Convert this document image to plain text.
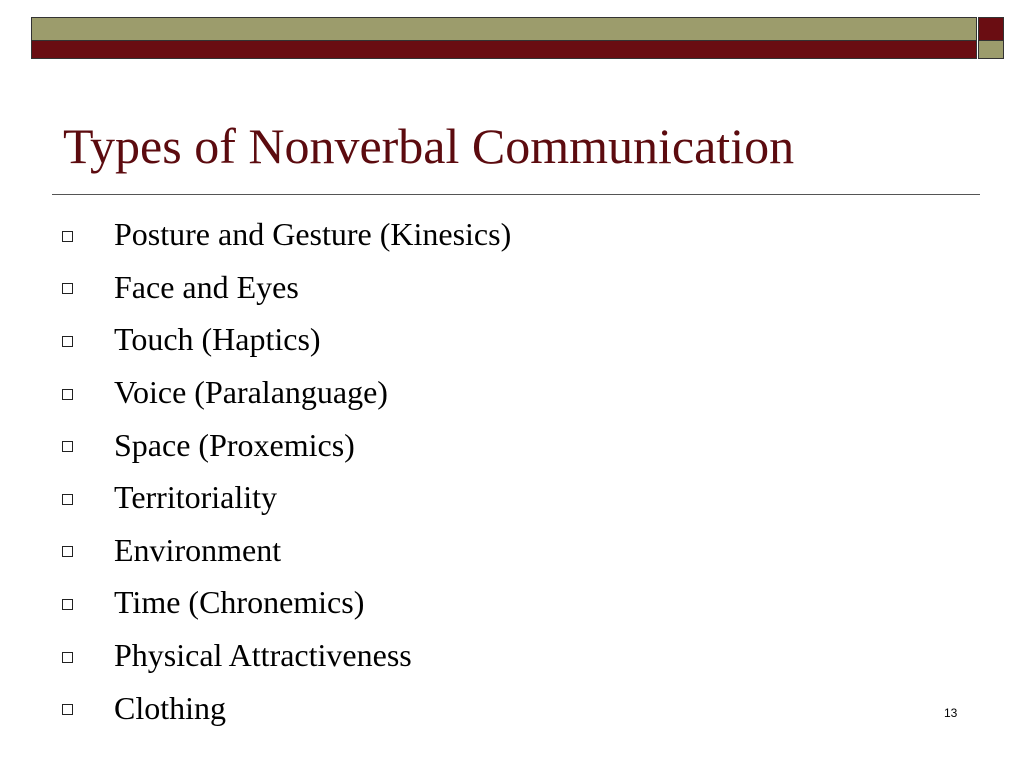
Types of Nonverbal Communication
Posture and Gesture (Kinesics)
Face and Eyes
Touch (Haptics)
Voice (Paralanguage)
Space (Proxemics)
Territoriality
Environment
Time (Chronemics)
Physical Attractiveness
Clothing	13
